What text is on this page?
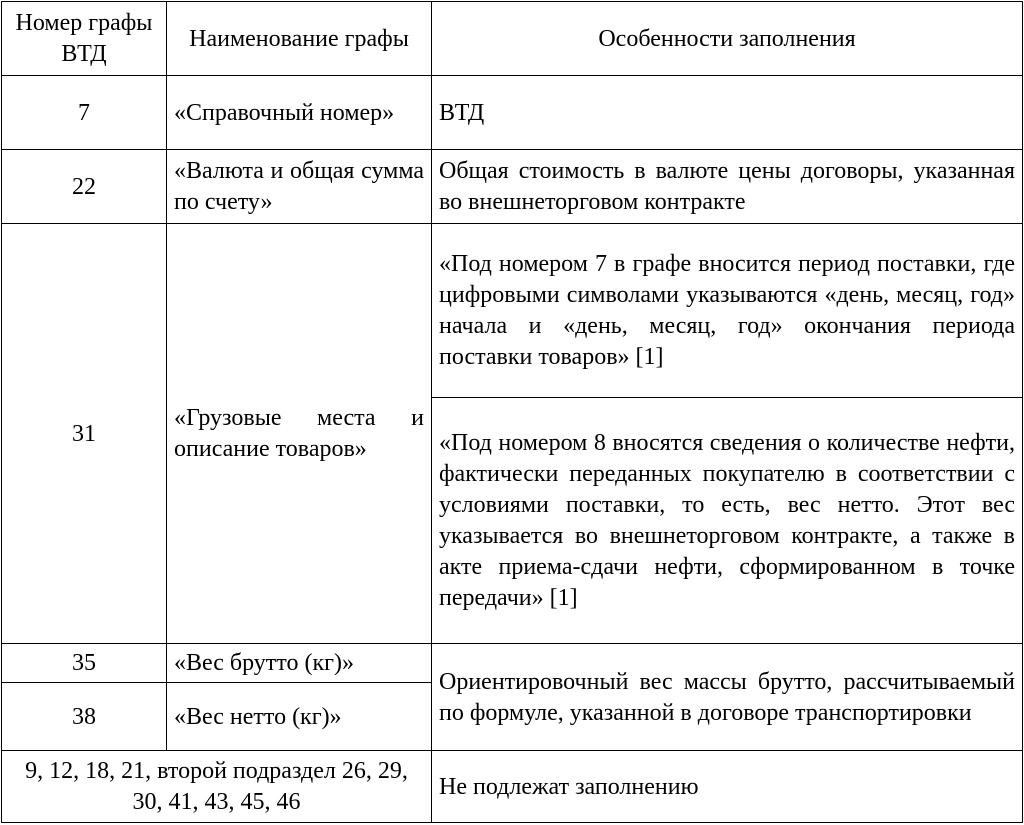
Номер графы ВТД	Наименование графы	Особенности заполнения

7	«Справочный номер»	ВТД
22	«Валюта и общая сумма по счету»	Общая стоимость в валюте цены договоры, указанная во внешнеторговом контракте
31	«Грузовые места и описание товаров»	«Под номером 7 в графе вносится период поставки, где цифровыми символами указываются «день, месяц, год» начала и «день, месяц, год» окончания периода поставки товаров» [1]
		«Под номером 8 вносятся сведения о количестве нефти, фактически переданных покупателю в соответствии с условиями поставки, то есть, вес нетто. Этот вес указывается во внешнеторговом контракте, а также в акте приема-сдачи нефти, сформированном в точке передачи» [1]
35	«Вес брутто (кг)»	Ориентировочный вес массы брутто, рассчитываемый по формуле, указанной в договоре транспортировки
38	«Вес нетто (кг)»	
9, 12, 18, 21, второй подраздел 26, 29, 30, 41, 43, 45, 46		Не подлежат заполнению
